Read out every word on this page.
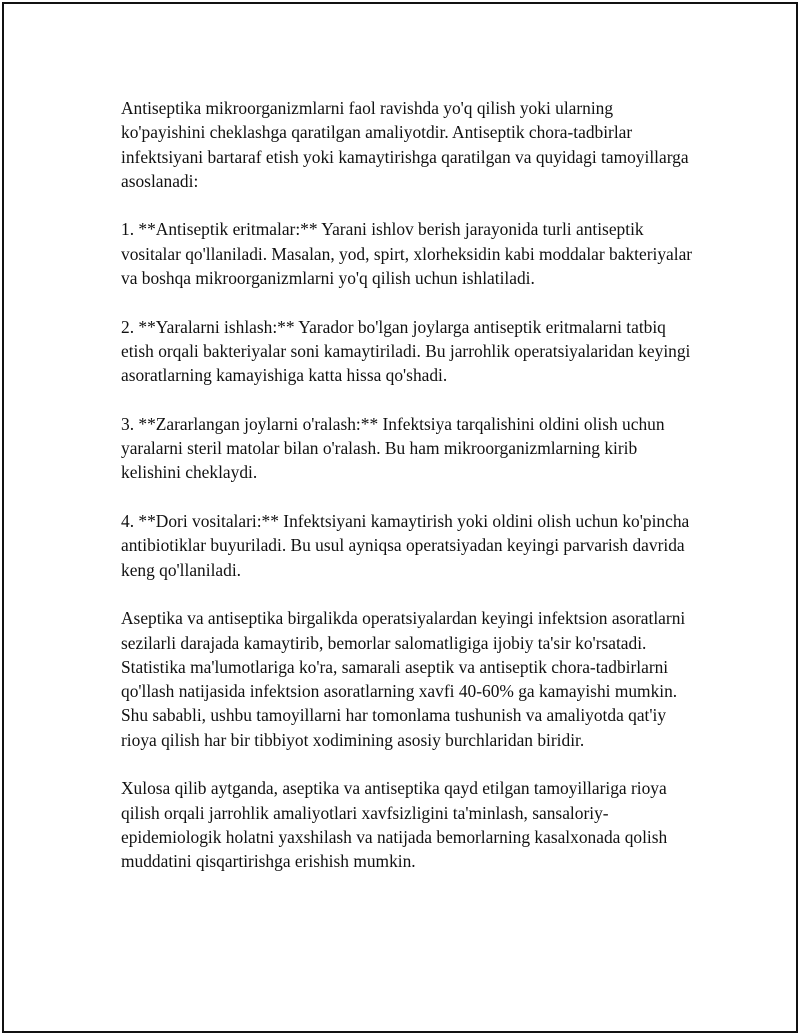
Antiseptika mikroorganizmlarni faol ravishda yo'q qilish yoki ularning ko'payishini cheklashga qaratilgan amaliyotdir. Antiseptik chora-tadbirlar infektsiyani bartaraf etish yoki kamaytirishga qaratilgan va quyidagi tamoyillarga asoslanadi:

1. **Antiseptik eritmalar:** Yarani ishlov berish jarayonida turli antiseptik vositalar qo'llaniladi. Masalan, yod, spirt, xlorheksidin kabi moddalar bakteriyalar va boshqa mikroorganizmlarni yo'q qilish uchun ishlatiladi.

2. **Yaralarni ishlash:** Yarador bo'lgan joylarga antiseptik eritmalarni tatbiq etish orqali bakteriyalar soni kamaytiriladi. Bu jarrohlik operatsiyalaridan keyingi asoratlarning kamayishiga katta hissa qo'shadi.

3. **Zararlangan joylarni o'ralash:** Infektsiya tarqalishini oldini olish uchun yaralarni steril matolar bilan o'ralash. Bu ham mikroorganizmlarning kirib kelishini cheklaydi.

4. **Dori vositalari:** Infektsiyani kamaytirish yoki oldini olish uchun ko'pincha antibiotiklar buyuriladi. Bu usul ayniqsa operatsiyadan keyingi parvarish davrida keng qo'llaniladi.

Aseptika va antiseptika birgalikda operatsiyalardan keyingi infektsion asoratlarni sezilarli darajada kamaytirib, bemorlar salomatligiga ijobiy ta'sir ko'rsatadi. Statistika ma'lumotlariga ko'ra, samarali aseptik va antiseptik chora-tadbirlarni qo'llash natijasida infektsion asoratlarning xavfi 40-60% ga kamayishi mumkin. Shu sababli, ushbu tamoyillarni har tomonlama tushunish va amaliyotda qat'iy rioya qilish har bir tibbiyot xodimining asosiy burchlaridan biridir.

Xulosa qilib aytganda, aseptika va antiseptika qayd etilgan tamoyillariga rioya qilish orqali jarrohlik amaliyotlari xavfsizligini ta'minlash, sansaloriy-epidemiologik holatni yaxshilash va natijada bemorlarning kasalxonada qolish muddatini qisqartirishga erishish mumkin.
